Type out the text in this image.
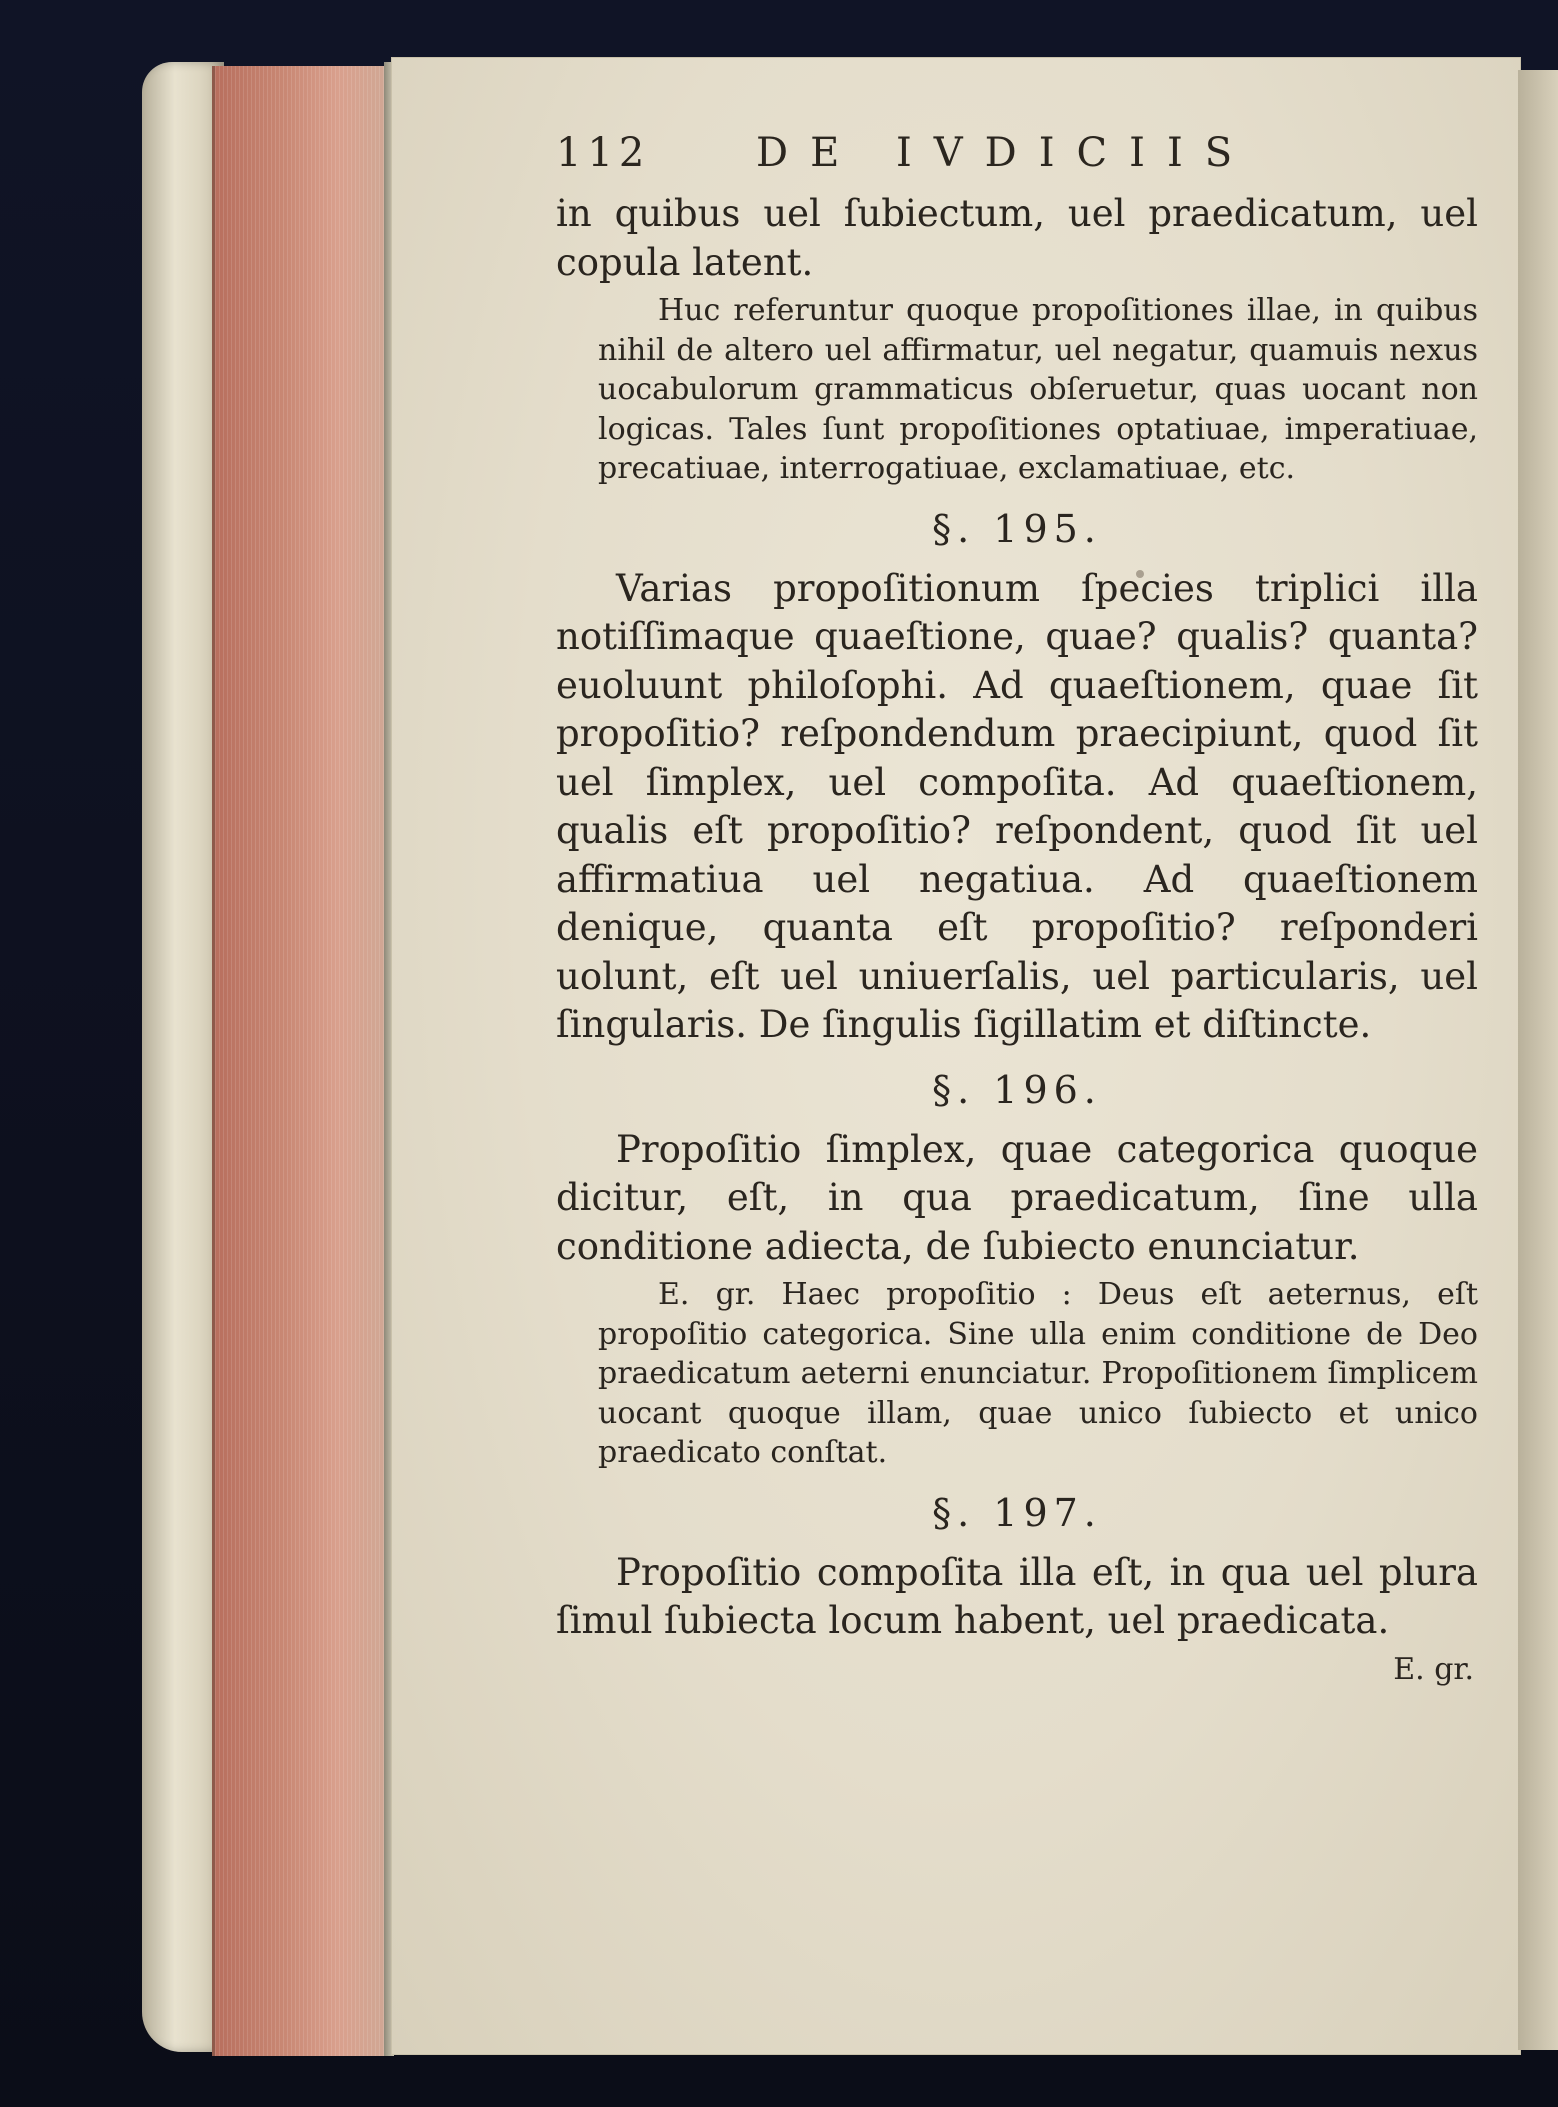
112	DE IVDICIIS

in quibus uel ſubiectum, uel praedicatum, uel copula latent.

Huc referuntur quoque propoſitiones illae, in quibus nihil de altero uel affirmatur, uel negatur, quamuis nexus uocabulorum grammaticus obſeruetur, quas uocant non logicas. Tales ſunt propoſitiones optatiuae, imperatiuae, precatiuae, interrogatiuae, exclamatiuae, etc.

§. 195.

Varias propoſitionum ſpecies triplici illa notiſſimaque quaeſtione, quae? qualis? quanta? euoluunt philoſophi. Ad quaeſtionem, quae ſit propoſitio? reſpondendum praecipiunt, quod ſit uel ſimplex, uel compoſita. Ad quaeſtionem, qualis eſt propoſitio? reſpondent, quod ſit uel affirmatiua uel negatiua. Ad quaeſtionem denique, quanta eſt propoſitio? reſponderi uolunt, eſt uel uniuerſalis, uel particularis, uel ſingularis. De ſingulis ſigillatim et diſtincte.

§. 196.

Propoſitio ſimplex, quae categorica quoque dicitur, eſt, in qua praedicatum, ſine ulla conditione adiecta, de ſubiecto enunciatur.

E. gr. Haec propoſitio : Deus eſt aeternus, eſt propoſitio categorica. Sine ulla enim conditione de Deo praedicatum aeterni enunciatur. Propoſitionem ſimplicem uocant quoque illam, quae unico ſubiecto et unico praedicato conſtat.

§. 197.

Propoſitio compoſita illa eſt, in qua uel plura ſimul ſubiecta locum habent, uel praedicata.

E. gr.
